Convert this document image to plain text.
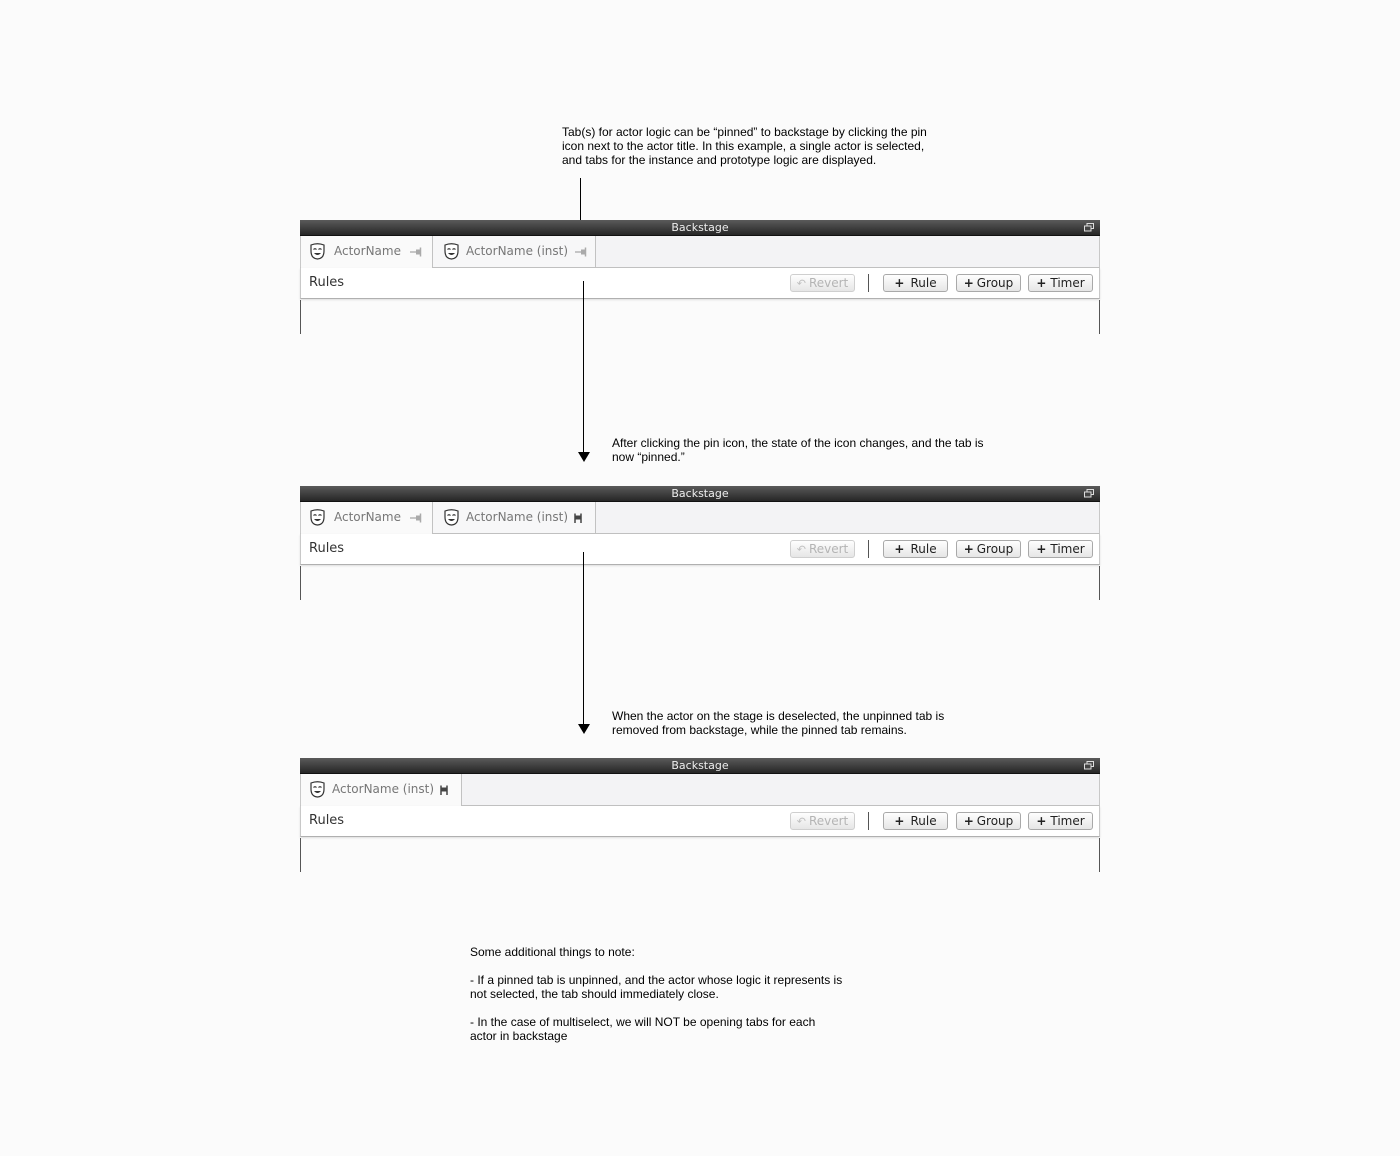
Tab(s) for actor logic can be “pinned” to backstage by clicking the pin

icon next to the actor title. In this example, a single actor is selected,

and tabs for the instance and prototype logic are displayed.

Backstage
ActorName	ActorName (inst)
Rules	↶ Revert	+ Rule	+ Group	+ Timer

After clicking the pin icon, the state of the icon changes, and the tab is

now “pinned.”

Backstage
ActorName	ActorName (inst)
Rules	↶ Revert	+ Rule	+ Group	+ Timer

When the actor on the stage is deselected, the unpinned tab is

removed from backstage, while the pinned tab remains.

Backstage
ActorName (inst)
Rules	↶ Revert	+ Rule	+ Group	+ Timer

Some additional things to note:

- If a pinned tab is unpinned, and the actor whose logic it represents is

not selected, the tab should immediately close.

- In the case of multiselect, we will NOT be opening tabs for each

actor in backstage
